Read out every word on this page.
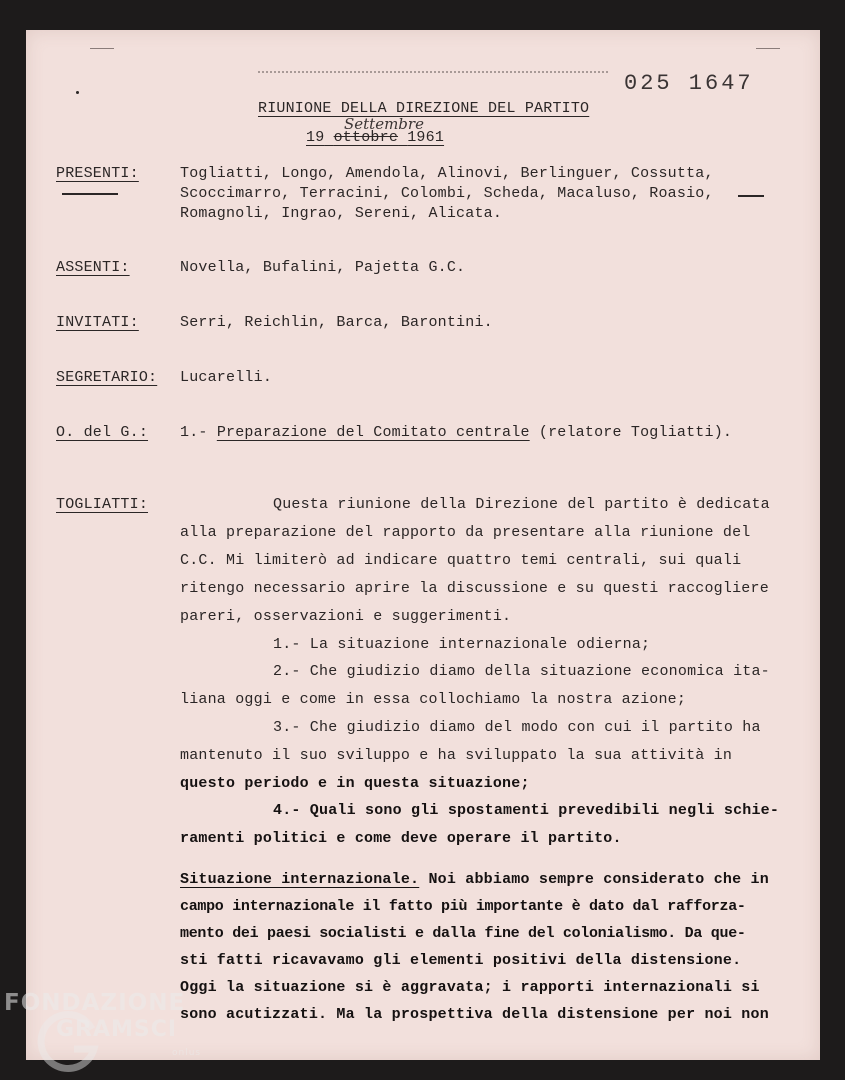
025 1647
RIUNIONE DELLA DIREZIONE DEL PARTITO
Settembre
19 ottobre 1961
PRESENTI:	Togliatti, Longo, Amendola, Alinovi, Berlinguer, Cossutta,
Scoccimarro, Terracini, Colombi, Scheda, Macaluso, Roasio,
Romagnoli, Ingrao, Sereni, Alicata.
ASSENTI:	Novella, Bufalini, Pajetta G.C.
INVITATI:	Serri, Reichlin, Barca, Barontini.
SEGRETARIO: Lucarelli.
O. del G.: 1.- Preparazione del Comitato centrale (relatore Togliatti).
TOGLIATTI:	Questa riunione della Direzione del partito è dedicata
alla preparazione del rapporto da presentare alla riunione del
C.C. Mi limiterò ad indicare quattro temi centrali, sui quali
ritengo necessario aprire la discussione e su questi raccogliere
pareri, osservazioni e suggerimenti.
1.- La situazione internazionale odierna;
2.- Che giudizio diamo della situazione economica ita-
liana oggi e come in essa collochiamo la nostra azione;
3.- Che giudizio diamo del modo con cui il partito ha
mantenuto il suo sviluppo e ha sviluppato la sua attività in
questo periodo e in questa situazione;
4.- Quali sono gli spostamenti prevedibili negli schie-
ramenti politici e come deve operare il partito.
Situazione internazionale. Noi abbiamo sempre considerato che in
campo internazionale il fatto più importante è dato dal rafforza-
mento dei paesi socialisti e dalla fine del colonialismo. Da que-
sti fatti ricavavamo gli elementi positivi della distensione.
Oggi la situazione si è aggravata; i rapporti internazionali si
sono acutizzati. Ma la prospettiva della distensione per noi non
FONDAZIONE
GRAMSCI
onlus
